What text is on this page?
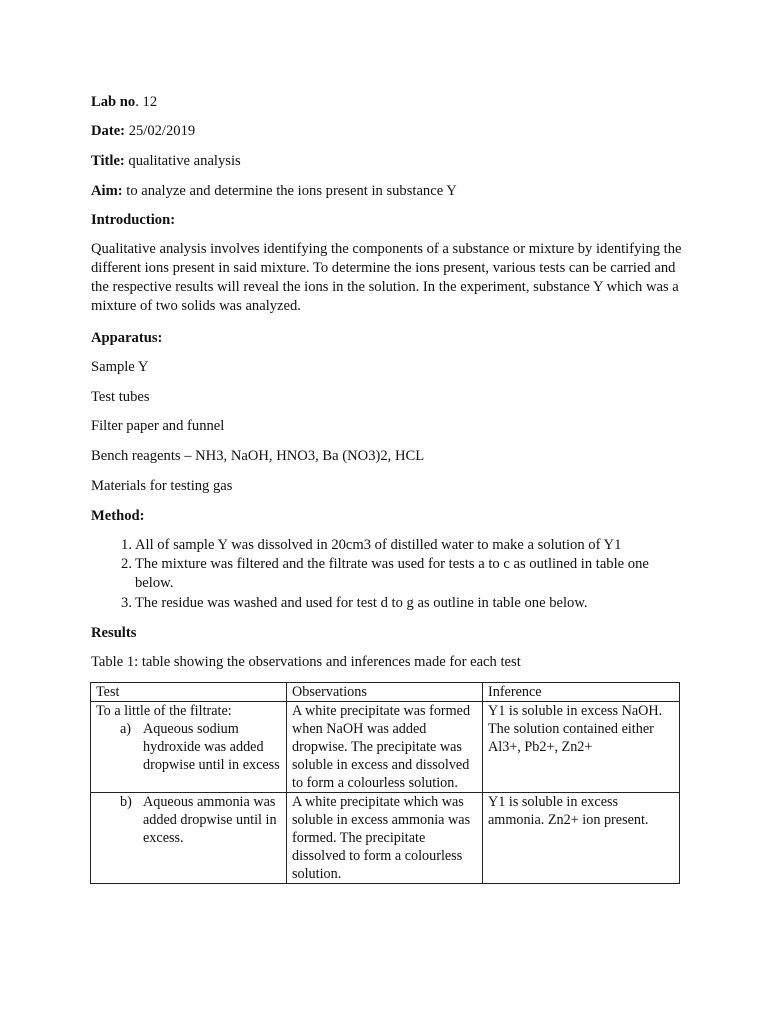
Lab no. 12
Date: 25/02/2019
Title: qualitative analysis
Aim: to analyze and determine the ions present in substance Y
Introduction:
Qualitative analysis involves identifying the components of a substance or mixture by identifying the different ions present in said mixture. To determine the ions present, various tests can be carried and the respective results will reveal the ions in the solution. In the experiment, substance Y which was a mixture of two solids was analyzed.
Apparatus:
Sample Y
Test tubes
Filter paper and funnel
Bench reagents – NH3, NaOH, HNO3, Ba (NO3)2, HCL
Materials for testing gas
Method:
1. All of sample Y was dissolved in 20cm3 of distilled water to make a solution of Y1
2. The mixture was filtered and the filtrate was used for tests a to c as outlined in table one below.
3. The residue was washed and used for test d to g as outline in table one below.
Results
Table 1: table showing the observations and inferences made for each test
Test	Observations	Inference

To a little of the filtrate:
a) Aqueous sodium hydroxide was added dropwise until in excess	A white precipitate was formed when NaOH was added dropwise. The precipitate was soluble in excess and dissolved to form a colourless solution.	Y1 is soluble in excess NaOH. The solution contained either Al3+, Pb2+, Zn2+

b) Aqueous ammonia was added dropwise until in excess.	A white precipitate which was soluble in excess ammonia was formed. The precipitate dissolved to form a colourless solution.	Y1 is soluble in excess ammonia. Zn2+ ion present.
